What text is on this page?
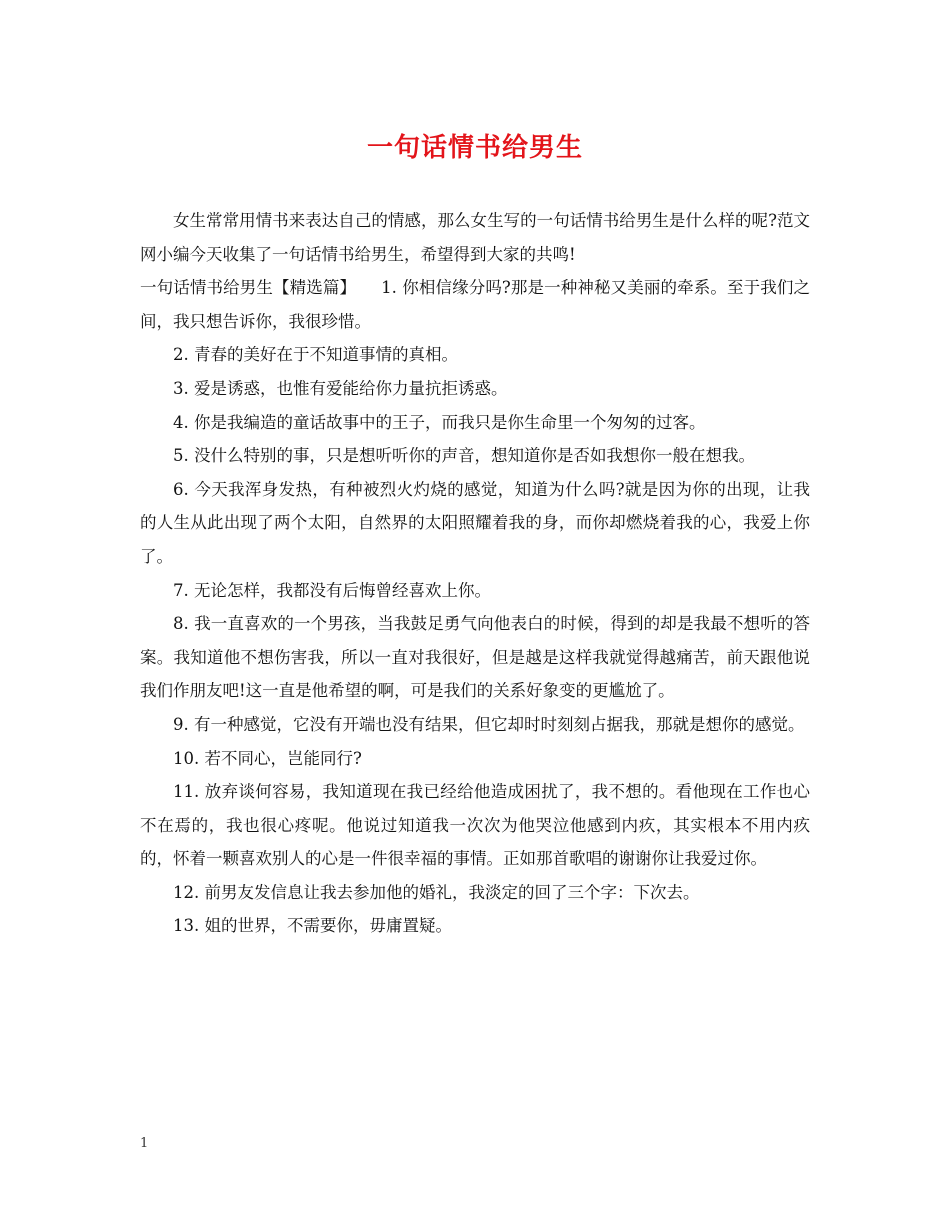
一句话情书给男生

女生常常用情书来表达自己的情感，那么女生写的一句话情书给男生是什么样的呢?范文网小编今天收集了一句话情书给男生，希望得到大家的共鸣!

一句话情书给男生【精选篇】　　1. 你相信缘分吗?那是一种神秘又美丽的牵系。至于我们之间，我只想告诉你，我很珍惜。

2. 青春的美好在于不知道事情的真相。

3. 爱是诱惑，也惟有爱能给你力量抗拒诱惑。

4. 你是我编造的童话故事中的王子，而我只是你生命里一个匆匆的过客。

5. 没什么特别的事，只是想听听你的声音，想知道你是否如我想你一般在想我。

6. 今天我浑身发热，有种被烈火灼烧的感觉，知道为什么吗?就是因为你的出现，让我的人生从此出现了两个太阳，自然界的太阳照耀着我的身，而你却燃烧着我的心，我爱上你了。

7. 无论怎样，我都没有后悔曾经喜欢上你。

8. 我一直喜欢的一个男孩，当我鼓足勇气向他表白的时候，得到的却是我最不想听的答案。我知道他不想伤害我，所以一直对我很好，但是越是这样我就觉得越痛苦，前天跟他说我们作朋友吧!这一直是他希望的啊，可是我们的关系好象变的更尴尬了。

9. 有一种感觉，它没有开端也没有结果，但它却时时刻刻占据我，那就是想你的感觉。

10. 若不同心，岂能同行?

11. 放弃谈何容易，我知道现在我已经给他造成困扰了，我不想的。看他现在工作也心不在焉的，我也很心疼呢。他说过知道我一次次为他哭泣他感到内疚，其实根本不用内疚的，怀着一颗喜欢别人的心是一件很幸福的事情。正如那首歌唱的谢谢你让我爱过你。

12. 前男友发信息让我去参加他的婚礼，我淡定的回了三个字：下次去。

13. 姐的世界，不需要你，毋庸置疑。

1
